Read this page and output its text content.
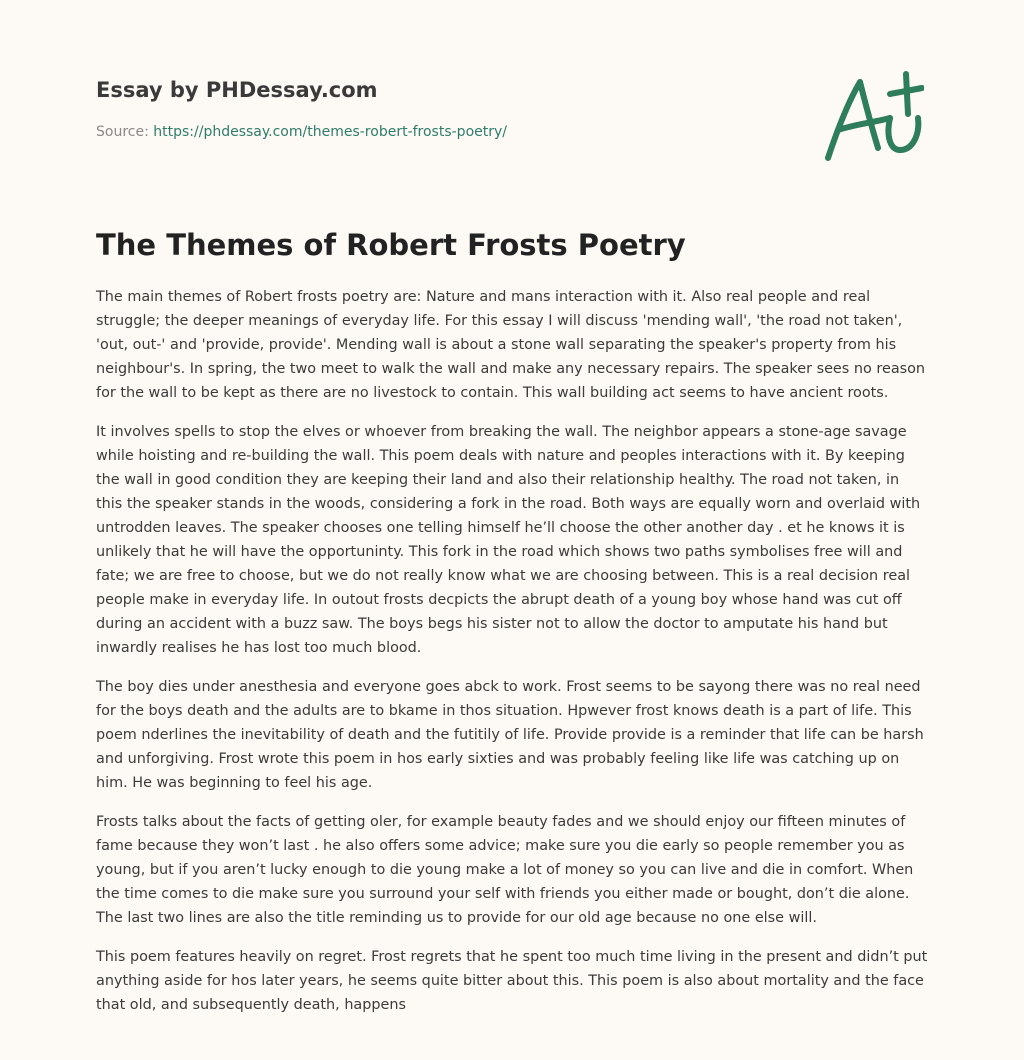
Essay by PHDessay.com

Source: https://phdessay.com/themes-robert-frosts-poetry/

The Themes of Robert Frosts Poetry

The main themes of Robert frosts poetry are: Nature and mans interaction with it. Also real people and real struggle; the deeper meanings of everyday life. For this essay I will discuss 'mending wall', 'the road not taken', 'out, out-' and 'provide, provide'. Mending wall is about a stone wall separating the speaker's property from his neighbour's. In spring, the two meet to walk the wall and make any necessary repairs. The speaker sees no reason for the wall to be kept as there are no livestock to contain. This wall building act seems to have ancient roots.

It involves spells to stop the elves or whoever from breaking the wall. The neighbor appears a stone-age savage while hoisting and re-building the wall. This poem deals with nature and peoples interactions with it. By keeping the wall in good condition they are keeping their land and also their relationship healthy. The road not taken, in this the speaker stands in the woods, considering a fork in the road. Both ways are equally worn and overlaid with untrodden leaves. The speaker chooses one telling himself he’ll choose the other another day . et he knows it is unlikely that he will have the opportuninty. This fork in the road which shows two paths symbolises free will and fate; we are free to choose, but we do not really know what we are choosing between. This is a real decision real people make in everyday life. In outout frosts decpicts the abrupt death of a young boy whose hand was cut off during an accident with a buzz saw. The boys begs his sister not to allow the doctor to amputate his hand but inwardly realises he has lost too much blood.

The boy dies under anesthesia and everyone goes abck to work. Frost seems to be sayong there was no real need for the boys death and the adults are to bkame in thos situation. Hpwever frost knows death is a part of life. This poem nderlines the inevitability of death and the futitily of life. Provide provide is a reminder that life can be harsh and unforgiving. Frost wrote this poem in hos early sixties and was probably feeling like life was catching up on him. He was beginning to feel his age.

Frosts talks about the facts of getting oler, for example beauty fades and we should enjoy our fifteen minutes of fame because they won’t last . he also offers some advice; make sure you die early so people remember you as young, but if you aren’t lucky enough to die young make a lot of money so you can live and die in comfort. When the time comes to die make sure you surround your self with friends you either made or bought, don’t die alone. The last two lines are also the title reminding us to provide for our old age because no one else will.

This poem features heavily on regret. Frost regrets that he spent too much time living in the present and didn’t put anything aside for hos later years, he seems quite bitter about this. This poem is also about mortality and the face that old, and subsequently death, happens
